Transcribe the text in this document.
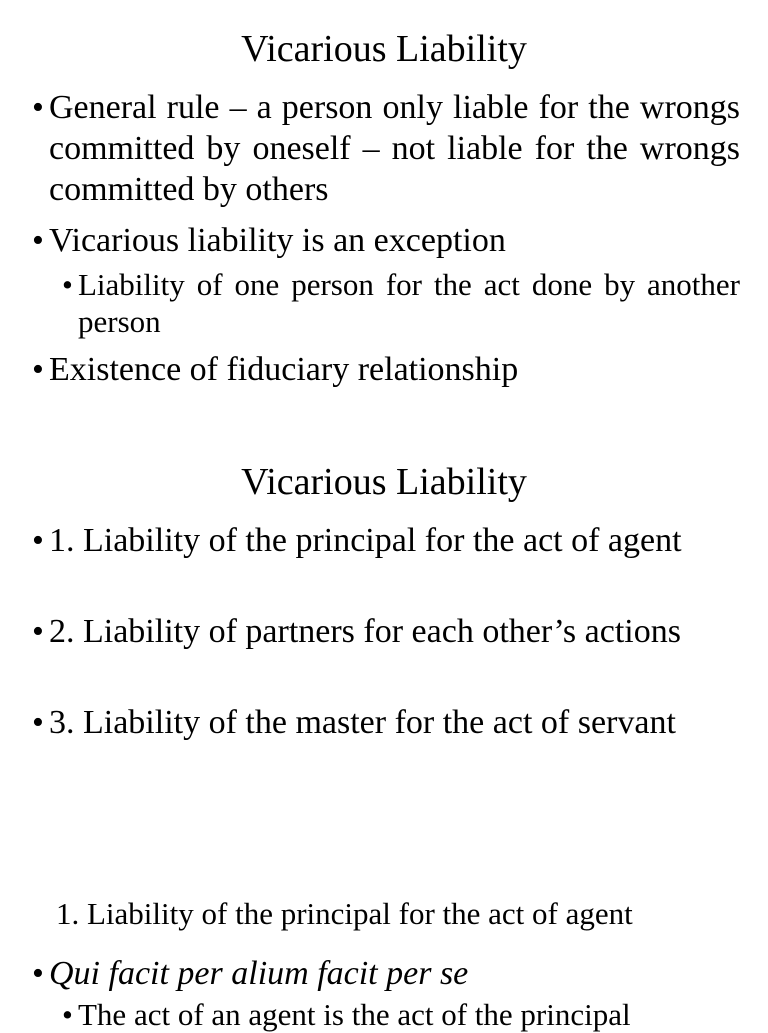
Vicarious Liability
• General rule – a person only liable for the wrongs committed by oneself – not liable for the wrongs committed by others
• Vicarious liability is an exception
• Liability of one person for the act done by another person
• Existence of fiduciary relationship
Vicarious Liability
• 1. Liability of the principal for the act of agent
• 2. Liability of partners for each other’s actions
• 3. Liability of the master for the act of servant
1. Liability of the principal for the act of agent
• Qui facit per alium facit per se
• The act of an agent is the act of the principal
